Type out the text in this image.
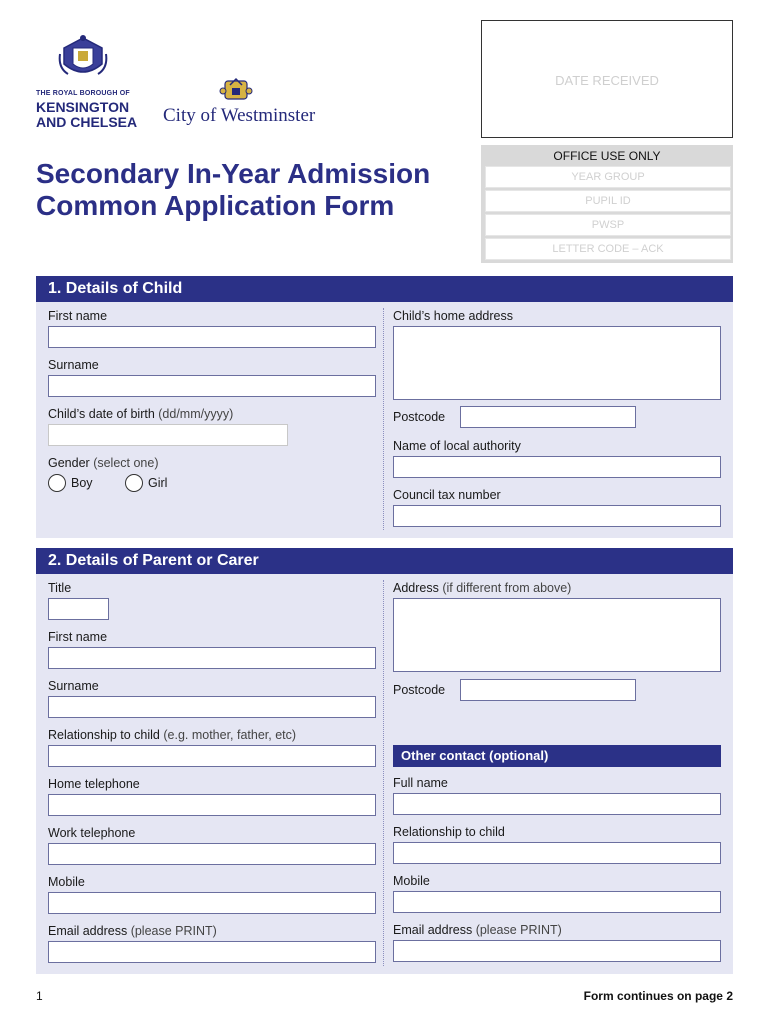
THE ROYAL BOROUGH OF
KENSINGTON
AND CHELSEA City of Westminster
Secondary In-Year Admission
Common Application Form
DATE RECEIVED
OFFICE USE ONLY
YEAR GROUP
PUPIL ID
PWSP
LETTER CODE – ACK
1. Details of Child
First name
Surname
Child’s date of birth (dd/mm/yyyy)
Gender (select one)
Boy	Girl
Child’s home address
Postcode
Name of local authority
Council tax number
2. Details of Parent or Carer
Title
First name
Surname
Relationship to child (e.g. mother, father, etc)
Home telephone
Work telephone
Mobile
Email address (please PRINT)
Address (if different from above)
Postcode
Other contact (optional)
Full name
Relationship to child
Mobile
Email address (please PRINT)
1	Form continues on page 2
